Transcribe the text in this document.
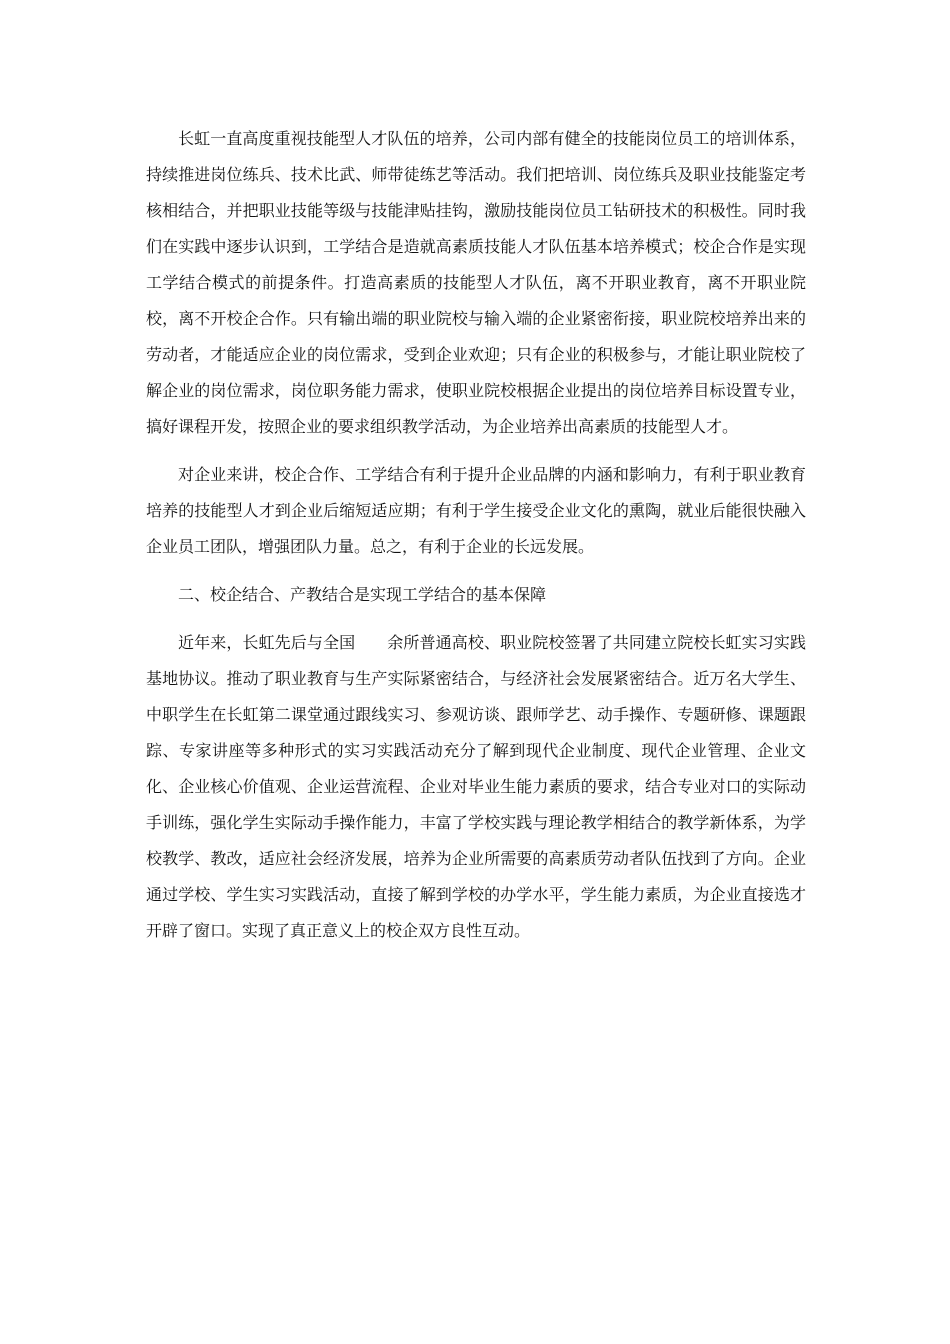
长虹一直高度重视技能型人才队伍的培养，公司内部有健全的技能岗位员工的培训体系，持续推进岗位练兵、技术比武、师带徒练艺等活动。我们把培训、岗位练兵及职业技能鉴定考核相结合，并把职业技能等级与技能津贴挂钩，激励技能岗位员工钻研技术的积极性。同时我们在实践中逐步认识到，工学结合是造就高素质技能人才队伍基本培养模式；校企合作是实现工学结合模式的前提条件。打造高素质的技能型人才队伍，离不开职业教育，离不开职业院校，离不开校企合作。只有输出端的职业院校与输入端的企业紧密衔接，职业院校培养出来的劳动者，才能适应企业的岗位需求，受到企业欢迎；只有企业的积极参与，才能让职业院校了解企业的岗位需求，岗位职务能力需求，使职业院校根据企业提出的岗位培养目标设置专业，搞好课程开发，按照企业的要求组织教学活动，为企业培养出高素质的技能型人才。

对企业来讲，校企合作、工学结合有利于提升企业品牌的内涵和影响力，有利于职业教育培养的技能型人才到企业后缩短适应期；有利于学生接受企业文化的熏陶，就业后能很快融入企业员工团队，增强团队力量。总之，有利于企业的长远发展。

二、校企结合、产教结合是实现工学结合的基本保障

近年来，长虹先后与全国 余所普通高校、职业院校签署了共同建立院校长虹实习实践基地协议。推动了职业教育与生产实际紧密结合，与经济社会发展紧密结合。近万名大学生、中职学生在长虹第二课堂通过跟线实习、参观访谈、跟师学艺、动手操作、专题研修、课题跟踪、专家讲座等多种形式的实习实践活动充分了解到现代企业制度、现代企业管理、企业文化、企业核心价值观、企业运营流程、企业对毕业生能力素质的要求，结合专业对口的实际动手训练，强化学生实际动手操作能力，丰富了学校实践与理论教学相结合的教学新体系，为学校教学、教改，适应社会经济发展，培养为企业所需要的高素质劳动者队伍找到了方向。企业通过学校、学生实习实践活动，直接了解到学校的办学水平，学生能力素质，为企业直接选才开辟了窗口。实现了真正意义上的校企双方良性互动。
